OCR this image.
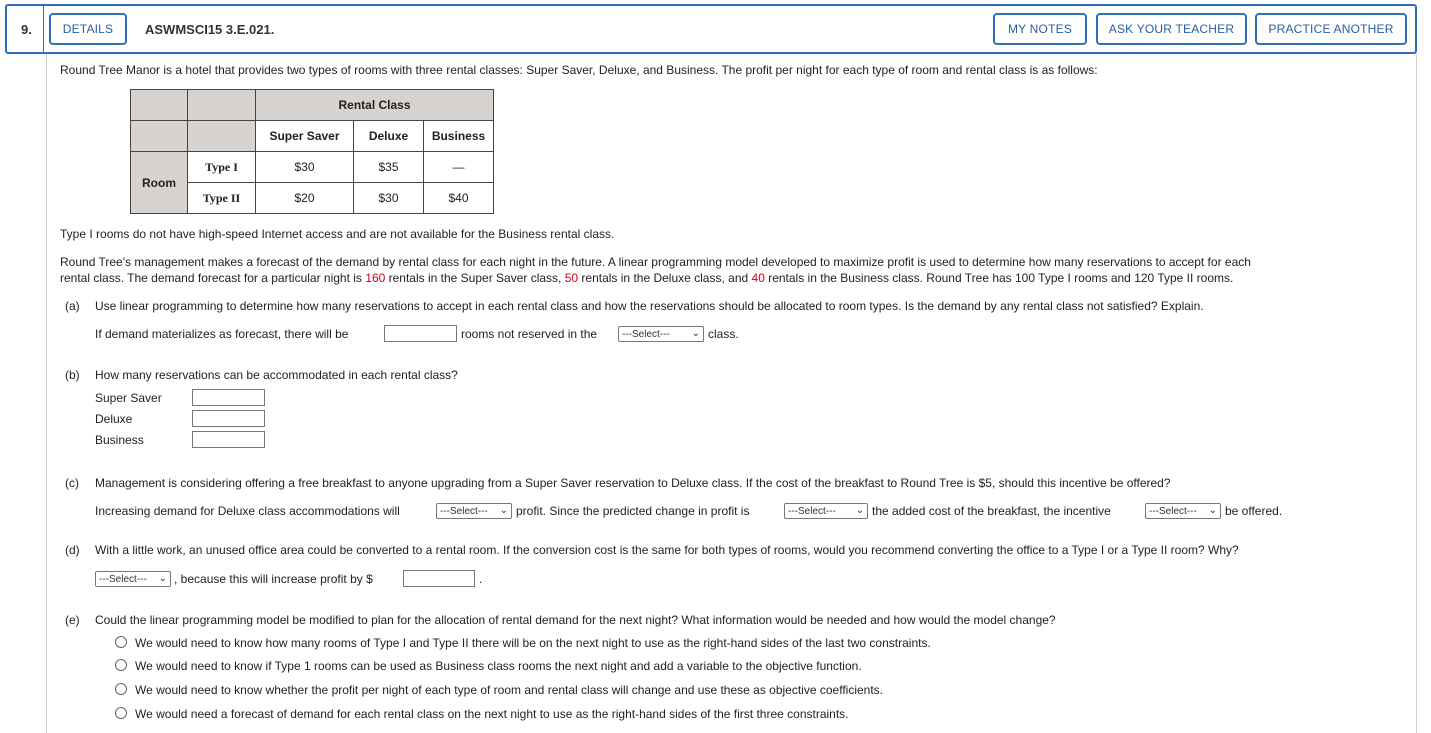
9.	DETAILS	ASWMSCI15 3.E.021.	MY NOTES	ASK YOUR TEACHER	PRACTICE ANOTHER
Round Tree Manor is a hotel that provides two types of rooms with three rental classes: Super Saver, Deluxe, and Business. The profit per night for each type of room and rental class is as follows:
		Rental Class		
		Super Saver	Deluxe	Business
Room	Type I	$30	$35	—
	Type II	$20	$30	$40
Type I rooms do not have high-speed Internet access and are not available for the Business rental class.
Round Tree's management makes a forecast of the demand by rental class for each night in the future. A linear programming model developed to maximize profit is used to determine how many reservations to accept for each
rental class. The demand forecast for a particular night is 160 rentals in the Super Saver class, 50 rentals in the Deluxe class, and 40 rentals in the Business class. Round Tree has 100 Type I rooms and 120 Type II rooms.
(a) Use linear programming to determine how many reservations to accept in each rental class and how the reservations should be allocated to room types. Is the demand by any rental class not satisfied? Explain.
If demand materializes as forecast, there will be	rooms not reserved in the ---Select--- ⌄ class.
(b) How many reservations can be accommodated in each rental class?
Super Saver
Deluxe
Business
(c) Management is considering offering a free breakfast to anyone upgrading from a Super Saver reservation to Deluxe class. If the cost of the breakfast to Round Tree is $5, should this incentive be offered?
Increasing demand for Deluxe class accommodations will	---Select--- ⌄ profit. Since the predicted change in profit is	---Select--- ⌄ the added cost of the breakfast, the incentive	---Select--- ⌄ be offered.
(d) With a little work, an unused office area could be converted to a rental room. If the conversion cost is the same for both types of rooms, would you recommend converting the office to a Type I or a Type II room? Why?
---Select--- ⌄ , because this will increase profit by $	.
(e) Could the linear programming model be modified to plan for the allocation of rental demand for the next night? What information would be needed and how would the model change?
We would need to know how many rooms of Type I and Type II there will be on the next night to use as the right-hand sides of the last two constraints.
We would need to know if Type 1 rooms can be used as Business class rooms the next night and add a variable to the objective function.
We would need to know whether the profit per night of each type of room and rental class will change and use these as objective coefficients.
We would need a forecast of demand for each rental class on the next night to use as the right-hand sides of the first three constraints.
